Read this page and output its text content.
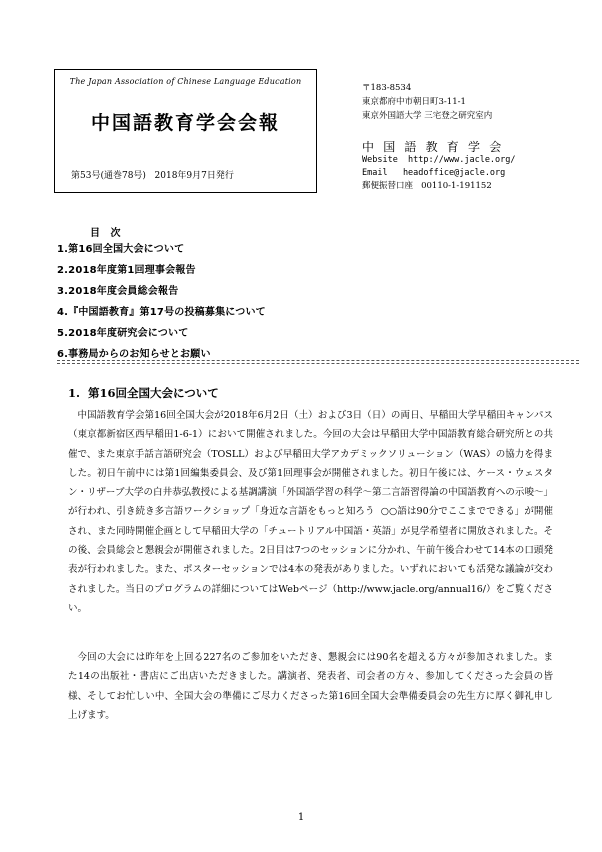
The Japan Association of Chinese Language Education
中国語教育学会会報
第53号(通巻78号)   2018年9月7日発行
〒183-8534
東京都府中市朝日町3-11-1
東京外国語大学 三宅登之研究室内
中国語教育学会
Website  http://www.jacle.org/
Email   headoffice@jacle.org
郵便振替口座   00110-1-191152
目   次
1.第16回全国大会について
2.2018年度第1回理事会報告
3.2018年度会員総会報告
4.『中国語教育』第17号の投稿募集について
5.2018年度研究会について
6.事務局からのお知らせとお願い
1.  第16回全国大会について

中国語教育学会第16回全国大会が2018年6月2日（土）および3日（日）の両日、早稲田大学早稲田キャンパス（東京都新宿区西早稲田1-6-1）において開催されました。今回の大会は早稲田大学中国語教育総合研究所との共催で、また東京手話言語研究会（TOSLL）および早稲田大学アカデミックソリューション（WAS）の協力を得ました。初日午前中には第1回編集委員会、及び第1回理事会が開催されました。初日午後には、ケース・ウェスタン・リザーブ大学の白井恭弘教授による基調講演「外国語学習の科学～第二言語習得論の中国語教育への示唆～」が行われ、引き続き多言語ワークショップ「身近な言語をもっと知ろう  ○○語は90分でここまでできる」が開催され、また同時開催企画として早稲田大学の「チュートリアル中国語・英語」が見学希望者に開放されました。その後、会員総会と懇親会が開催されました。2日目は7つのセッションに分かれ、午前午後合わせて14本の口頭発表が行われました。また、ポスターセッションでは4本の発表がありました。いずれにおいても活発な議論が交わされました。当日のプログラムの詳細についてはWebページ（http://www.jacle.org/annual16/）をご覧ください。

今回の大会には昨年を上回る227名のご参加をいただき、懇親会には90名を超える方々が参加されました。また14の出版社・書店にご出店いただきました。講演者、発表者、司会者の方々、参加してくださった会員の皆様、そしてお忙しい中、全国大会の準備にご尽力くださった第16回全国大会準備委員会の先生方に厚く御礼申し上げます。

1
